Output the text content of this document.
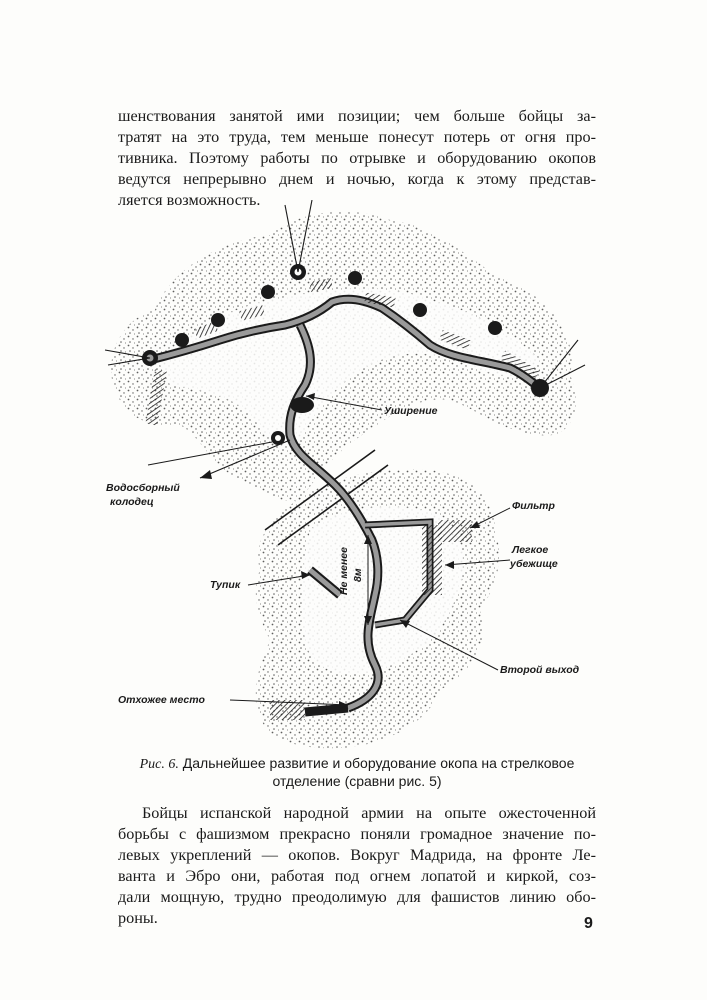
шенствования занятой ими позиции; чем больше бойцы за-
тратят на это труда, тем меньше понесут потерь от огня про-
тивника. Поэтому работы по отрывке и оборудованию окопов
ведутся непрерывно днем и ночью, когда к этому представ-
ляется возможность.

Уширение
Водосборный
колодец	Фильтр
Легкое
убежище
Тупик	Не менее 8м
Второй выход
Отхожее место
Рис. 6. Дальнейшее развитие и оборудование окопа на стрелковое
отделение (сравни рис. 5)

Бойцы испанской народной армии на опыте ожесточенной
борьбы с фашизмом прекрасно поняли громадное значение по-
левых укреплений — окопов. Вокруг Мадрида, на фронте Ле-
ванта и Эбро они, работая под огнем лопатой и киркой, соз-
дали мощную, трудно преодолимую для фашистов линию обо-
роны.	9
